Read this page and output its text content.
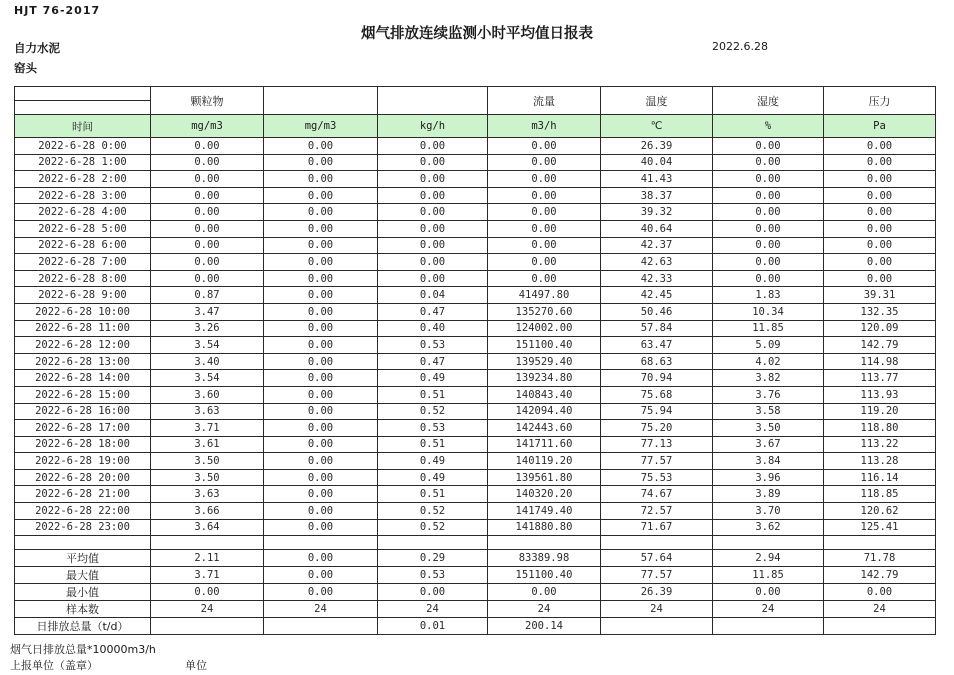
HJT 76-2017
烟气排放连续监测小时平均值日报表
自力水泥	2022.6.28
窑头
	颗粒物			流量	温度	湿度	压力
时间	mg/m3	mg/m3	kg/h	m3/h	℃	%	Pa
2022-6-28 0:00	0.00	0.00	0.00	0.00	26.39	0.00	0.00
2022-6-28 1:00	0.00	0.00	0.00	0.00	40.04	0.00	0.00
2022-6-28 2:00	0.00	0.00	0.00	0.00	41.43	0.00	0.00
2022-6-28 3:00	0.00	0.00	0.00	0.00	38.37	0.00	0.00
2022-6-28 4:00	0.00	0.00	0.00	0.00	39.32	0.00	0.00
2022-6-28 5:00	0.00	0.00	0.00	0.00	40.64	0.00	0.00
2022-6-28 6:00	0.00	0.00	0.00	0.00	42.37	0.00	0.00
2022-6-28 7:00	0.00	0.00	0.00	0.00	42.63	0.00	0.00
2022-6-28 8:00	0.00	0.00	0.00	0.00	42.33	0.00	0.00
2022-6-28 9:00	0.87	0.00	0.04	41497.80	42.45	1.83	39.31
2022-6-28 10:00	3.47	0.00	0.47	135270.60	50.46	10.34	132.35
2022-6-28 11:00	3.26	0.00	0.40	124002.00	57.84	11.85	120.09
2022-6-28 12:00	3.54	0.00	0.53	151100.40	63.47	5.09	142.79
2022-6-28 13:00	3.40	0.00	0.47	139529.40	68.63	4.02	114.98
2022-6-28 14:00	3.54	0.00	0.49	139234.80	70.94	3.82	113.77
2022-6-28 15:00	3.60	0.00	0.51	140843.40	75.68	3.76	113.93
2022-6-28 16:00	3.63	0.00	0.52	142094.40	75.94	3.58	119.20
2022-6-28 17:00	3.71	0.00	0.53	142443.60	75.20	3.50	118.80
2022-6-28 18:00	3.61	0.00	0.51	141711.60	77.13	3.67	113.22
2022-6-28 19:00	3.50	0.00	0.49	140119.20	77.57	3.84	113.28
2022-6-28 20:00	3.50	0.00	0.49	139561.80	75.53	3.96	116.14
2022-6-28 21:00	3.63	0.00	0.51	140320.20	74.67	3.89	118.85
2022-6-28 22:00	3.66	0.00	0.52	141749.40	72.57	3.70	120.62
2022-6-28 23:00	3.64	0.00	0.52	141880.80	71.67	3.62	125.41

平均值	2.11	0.00	0.29	83389.98	57.64	2.94	71.78
最大值	3.71	0.00	0.53	151100.40	77.57	11.85	142.79
最小值	0.00	0.00	0.00	0.00	26.39	0.00	0.00
样本数	24	24	24	24	24	24	24
日排放总量（t/d）			0.01	200.14			
烟气日排放总量*10000m3/h
上报单位（盖章）	单位
